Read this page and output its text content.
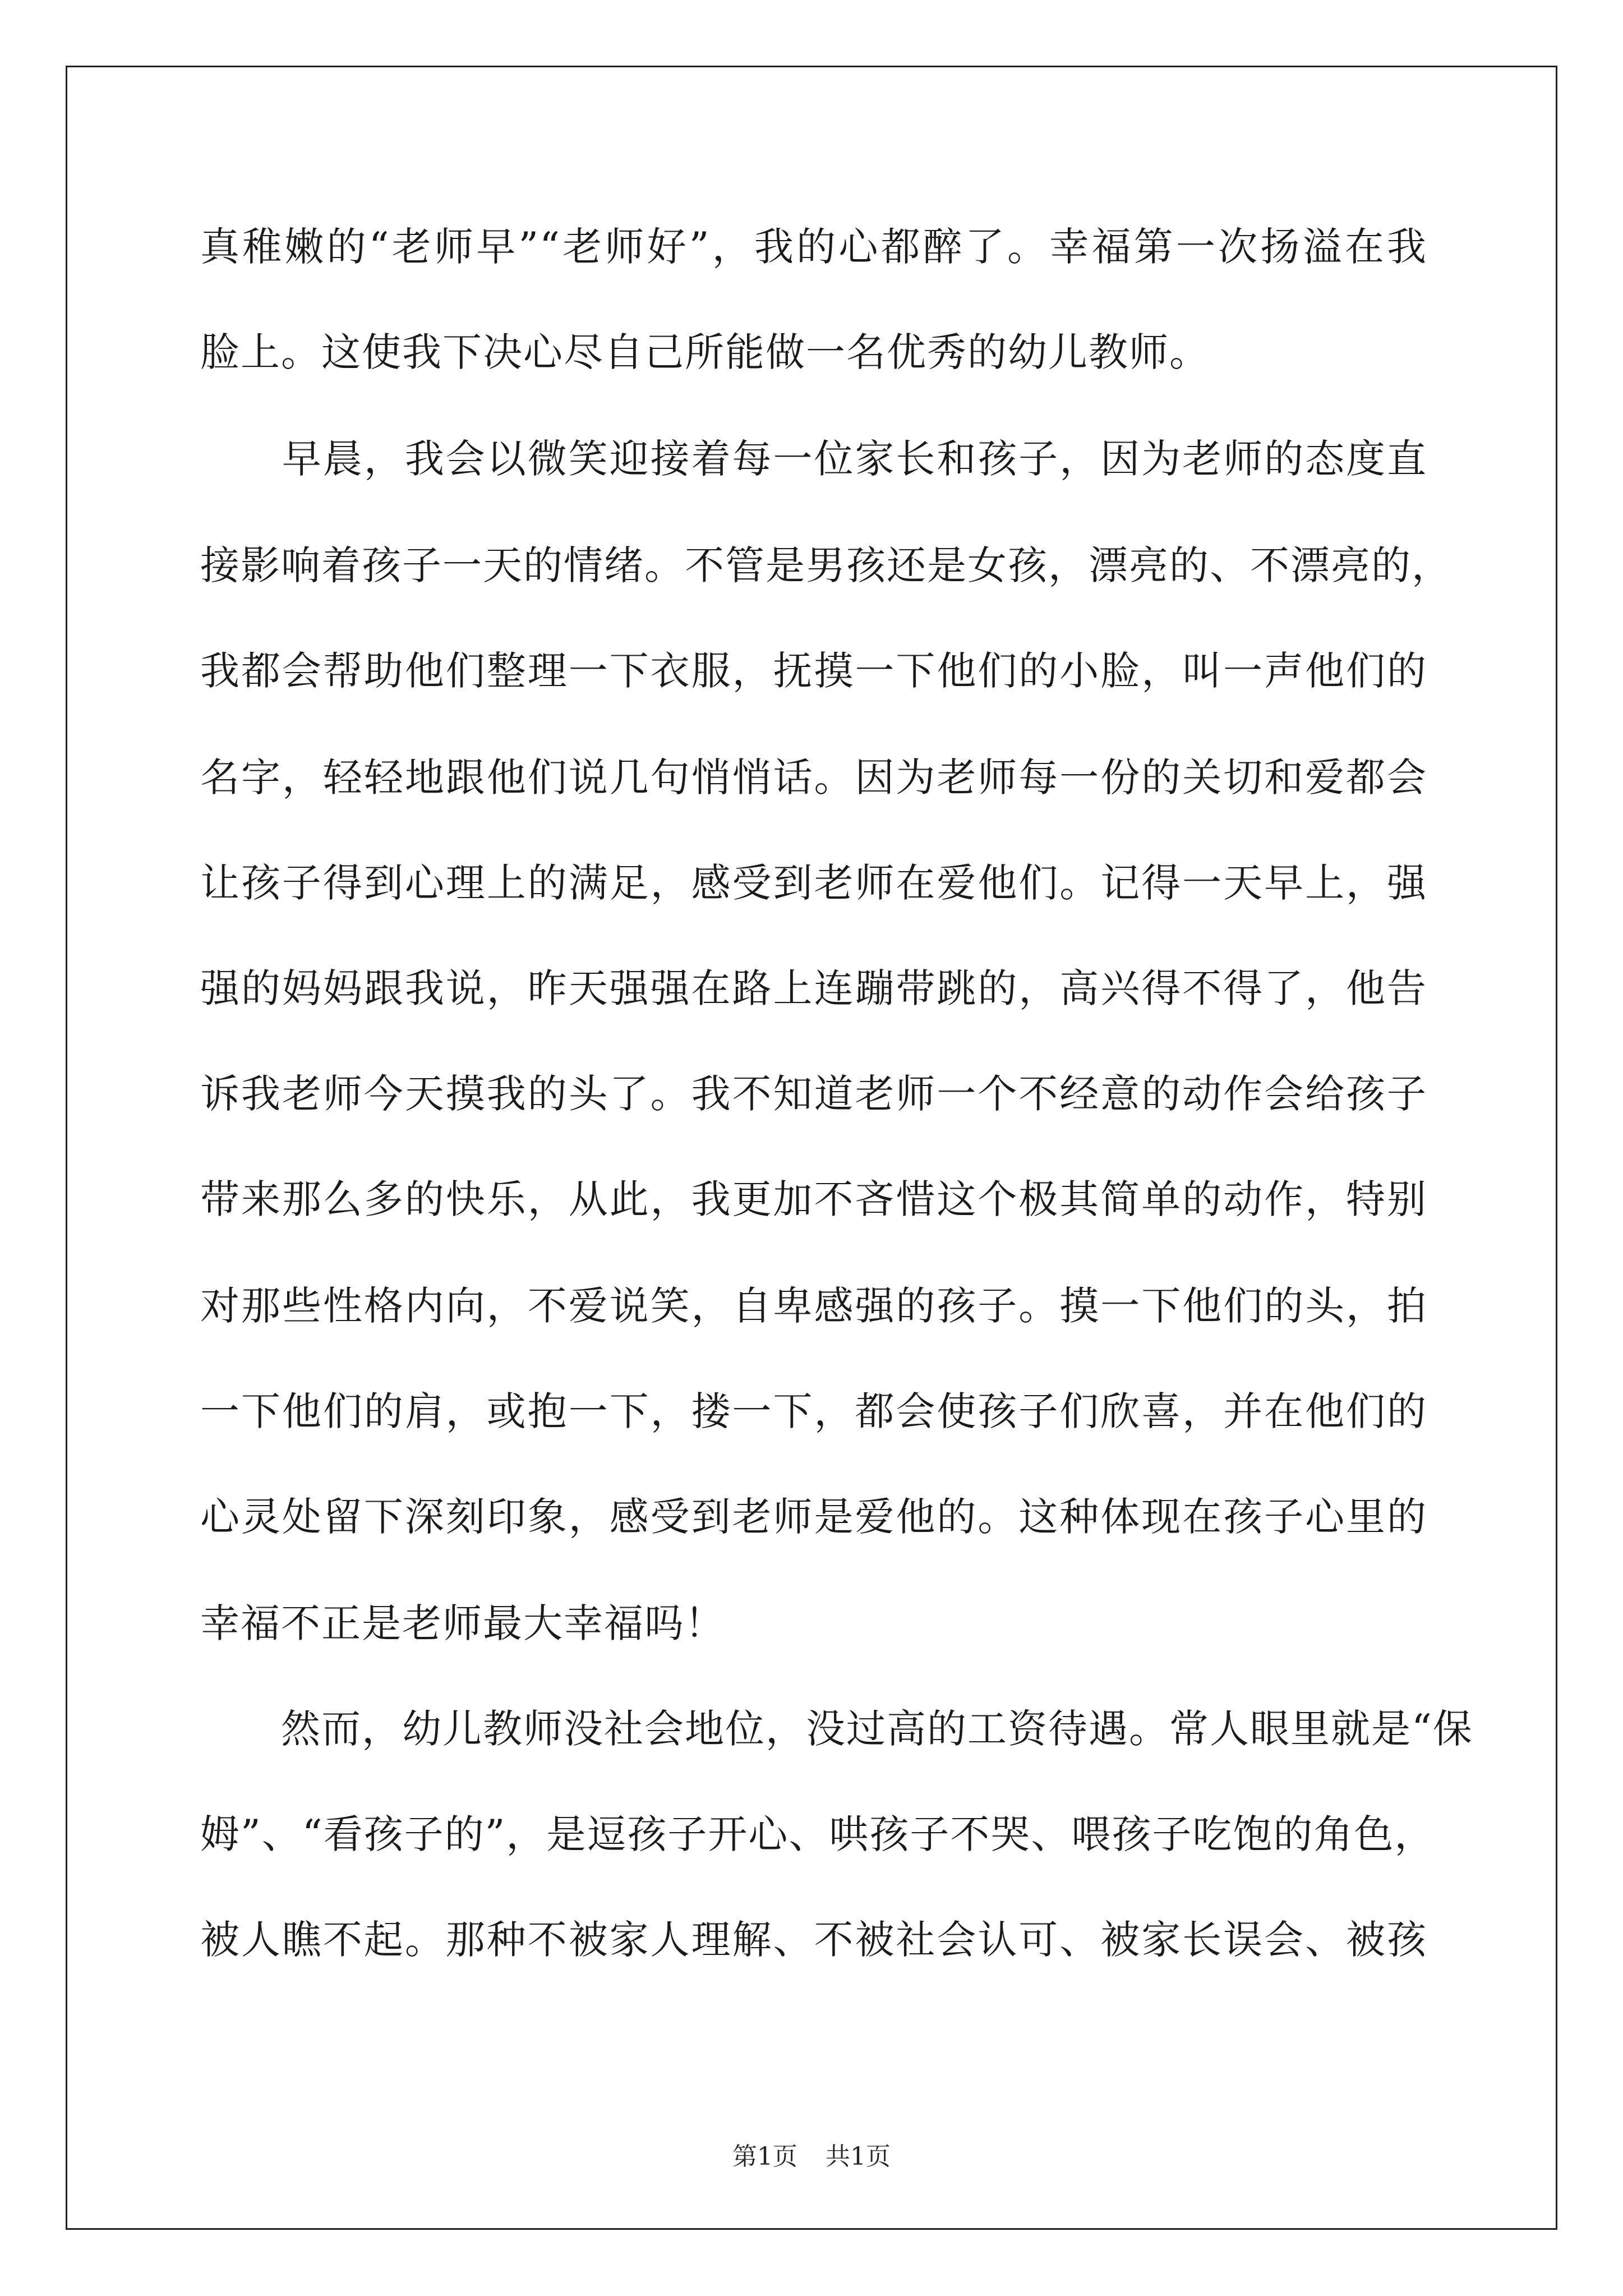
真稚嫩的“老师早”“老师好”，我的心都醉了。幸福第一次扬溢在我
脸上。这使我下决心尽自己所能做一名优秀的幼儿教师。
　　早晨，我会以微笑迎接着每一位家长和孩子，因为老师的态度直
接影响着孩子一天的情绪。不管是男孩还是女孩，漂亮的、不漂亮的，
我都会帮助他们整理一下衣服，抚摸一下他们的小脸，叫一声他们的
名字，轻轻地跟他们说几句悄悄话。因为老师每一份的关切和爱都会
让孩子得到心理上的满足，感受到老师在爱他们。记得一天早上，强
强的妈妈跟我说，昨天强强在路上连蹦带跳的，高兴得不得了，他告
诉我老师今天摸我的头了。我不知道老师一个不经意的动作会给孩子
带来那么多的快乐，从此，我更加不吝惜这个极其简单的动作，特别
对那些性格内向，不爱说笑，自卑感强的孩子。摸一下他们的头，拍
一下他们的肩，或抱一下，搂一下，都会使孩子们欣喜，并在他们的
心灵处留下深刻印象，感受到老师是爱他的。这种体现在孩子心里的
幸福不正是老师最大幸福吗！
　　然而，幼儿教师没社会地位，没过高的工资待遇。常人眼里就是“保
姆”、“看孩子的”，是逗孩子开心、哄孩子不哭、喂孩子吃饱的角色，
被人瞧不起。那种不被家人理解、不被社会认可、被家长误会、被孩
第1页 共1页
